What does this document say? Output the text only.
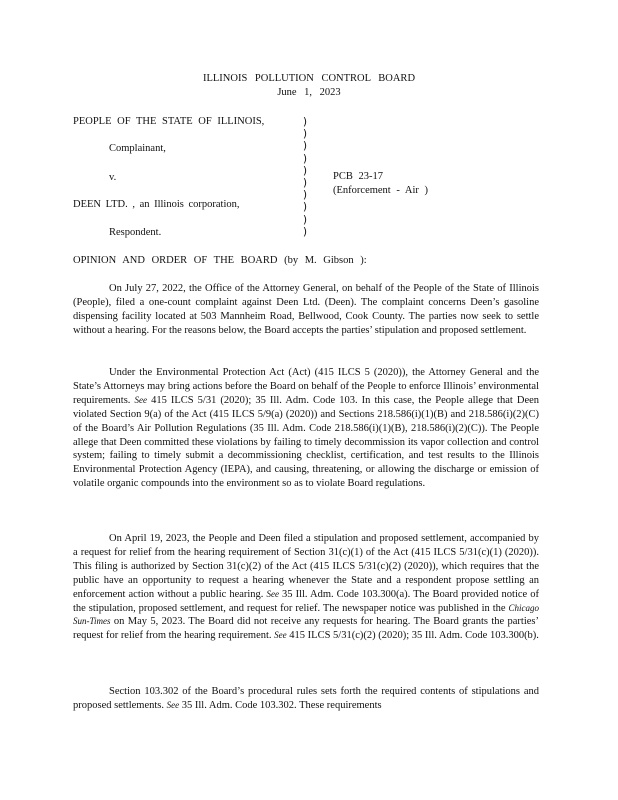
ILLINOIS POLLUTION CONTROL BOARD
June 1, 2023
PEOPLE OF THE STATE OF ILLINOIS,
Complainant,
v.
DEEN LTD. , an Illinois corporation,
Respondent.
)
)
)
)
)
)
)
)
)
)
PCB 23-17
(Enforcement - Air )
OPINION AND ORDER OF THE BOARD (by M. Gibson ):

On July 27, 2022, the Office of the Attorney General, on behalf of the People of the State of Illinois (People), filed a one-count complaint against Deen Ltd. (Deen). The complaint concerns Deen’s gasoline dispensing facility located at 503 Mannheim Road, Bellwood, Cook County. The parties now seek to settle without a hearing. For the reasons below, the Board accepts the parties’ stipulation and proposed settlement.

Under the Environmental Protection Act (Act) (415 ILCS 5 (2020)), the Attorney General and the State’s Attorneys may bring actions before the Board on behalf of the People to enforce Illinois’ environmental requirements. See 415 ILCS 5/31 (2020); 35 Ill. Adm. Code 103. In this case, the People allege that Deen violated Section 9(a) of the Act (415 ILCS 5/9(a) (2020)) and Sections 218.586(i)(1)(B) and 218.586(i)(2)(C) of the Board’s Air Pollution Regulations (35 Ill. Adm. Code 218.586(i)(1)(B), 218.586(i)(2)(C)). The People allege that Deen committed these violations by failing to timely decommission its vapor collection and control system; failing to timely submit a decommissioning checklist, certification, and test results to the Illinois Environmental Protection Agency (IEPA), and causing, threatening, or allowing the discharge or emission of volatile organic compounds into the environment so as to violate Board regulations.

On April 19, 2023, the People and Deen filed a stipulation and proposed settlement, accompanied by a request for relief from the hearing requirement of Section 31(c)(1) of the Act (415 ILCS 5/31(c)(1) (2020)). This filing is authorized by Section 31(c)(2) of the Act (415 ILCS 5/31(c)(2) (2020)), which requires that the public have an opportunity to request a hearing whenever the State and a respondent propose settling an enforcement action without a public hearing. See 35 Ill. Adm. Code 103.300(a). The Board provided notice of the stipulation, proposed settlement, and request for relief. The newspaper notice was published in the Chicago Sun-Times on May 5, 2023. The Board did not receive any requests for hearing. The Board grants the parties’ request for relief from the hearing requirement. See 415 ILCS 5/31(c)(2) (2020); 35 Ill. Adm. Code 103.300(b).

Section 103.302 of the Board’s procedural rules sets forth the required contents of stipulations and proposed settlements. See 35 Ill. Adm. Code 103.302. These requirements
